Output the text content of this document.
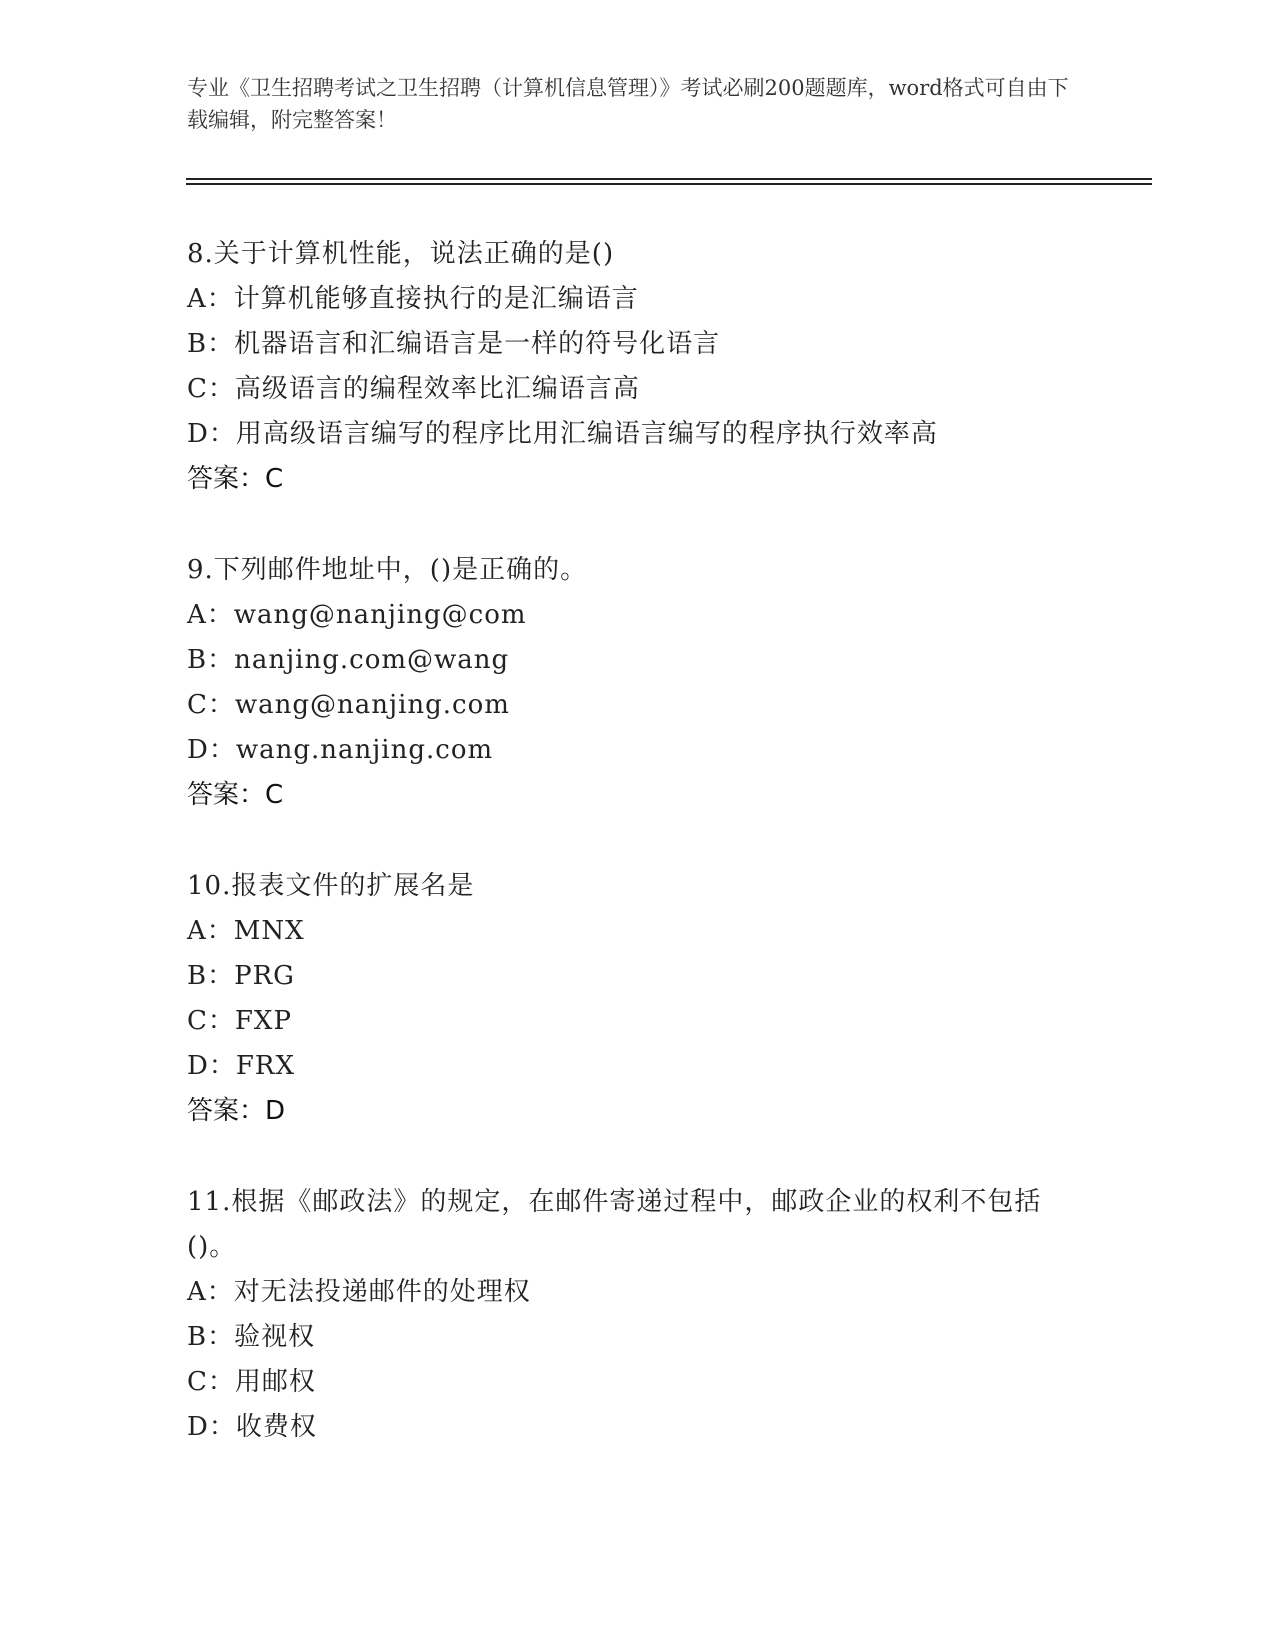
专业《卫生招聘考试之卫生招聘（计算机信息管理）》考试必刷200题题库，word格式可自由下载编辑，附完整答案！
8.关于计算机性能，说法正确的是()
A：计算机能够直接执行的是汇编语言
B：机器语言和汇编语言是一样的符号化语言
C：高级语言的编程效率比汇编语言高
D：用高级语言编写的程序比用汇编语言编写的程序执行效率高
答案：C
9.下列邮件地址中，()是正确的。
A：wang@nanjing@com
B：nanjing.com@wang
C：wang@nanjing.com
D：wang.nanjing.com
答案：C
10.报表文件的扩展名是
A：MNX
B：PRG
C：FXP
D：FRX
答案：D
11.根据《邮政法》的规定，在邮件寄递过程中，邮政企业的权利不包括()。
A：对无法投递邮件的处理权
B：验视权
C：用邮权
D：收费权
